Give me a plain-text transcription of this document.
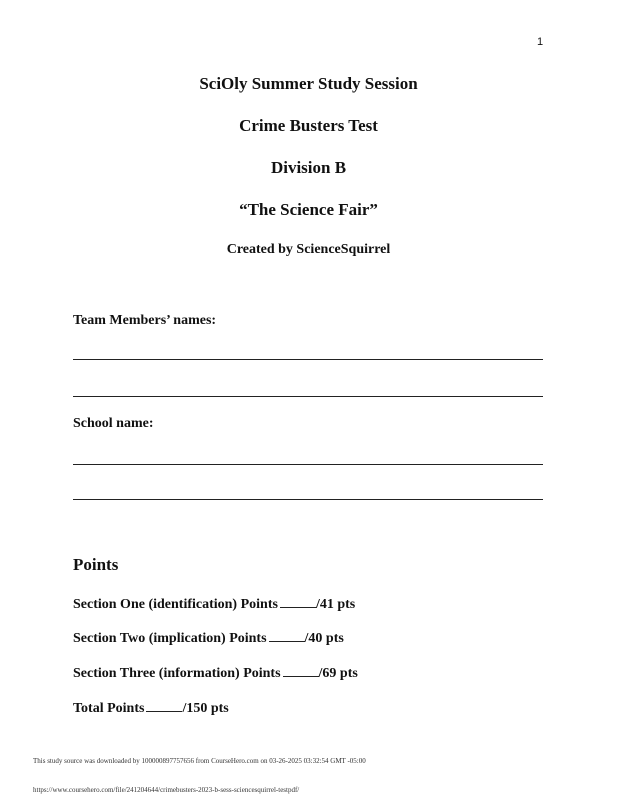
1
SciOly Summer Study Session
Crime Busters Test
Division B
“The Science Fair”
Created by ScienceSquirrel
Team Members’ names:
School name:
Points
Section One (identification) Points	/41 pts
Section Two (implication) Points	/40 pts
Section Three (information) Points	/69 pts
Total Points	/150 pts
This study source was downloaded by 100000897757656 from CourseHero.com on 03-26-2025 03:32:54 GMT -05:00
https://www.coursehero.com/file/241204644/crimebusters-2023-b-sess-sciencesquirrel-testpdf/
